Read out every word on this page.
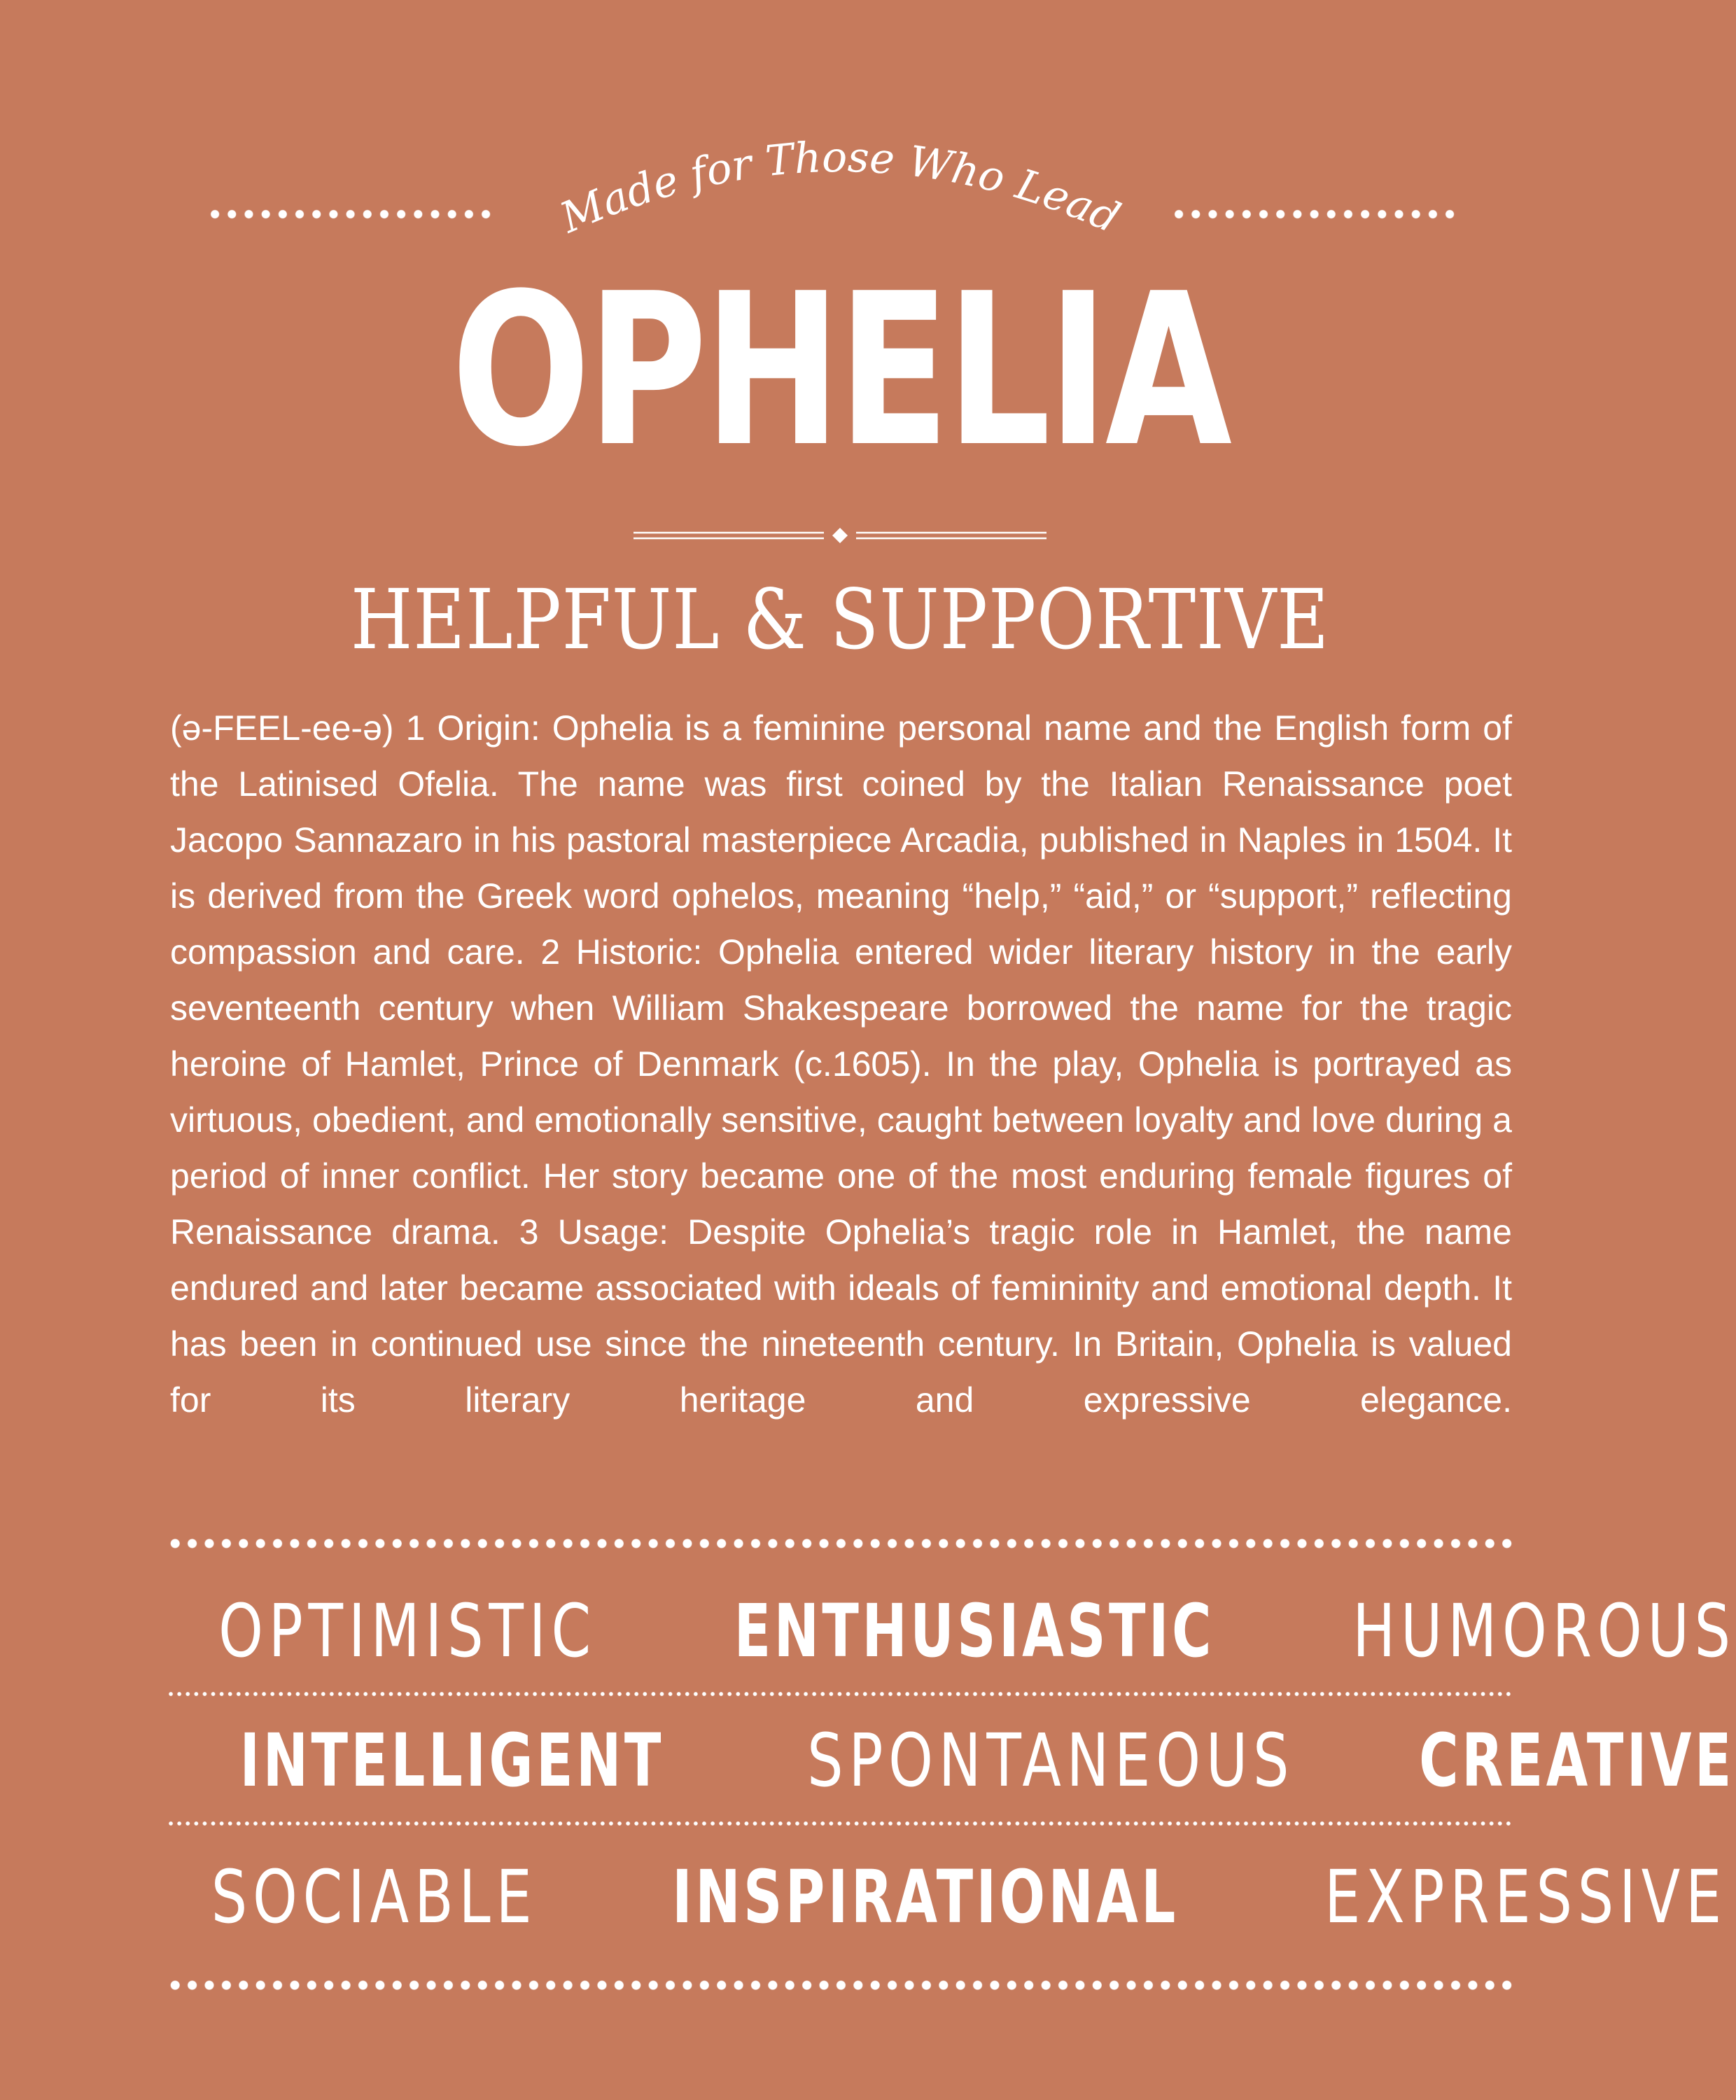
Made for Those Who Lead
OPHELIA
HELPFUL & SUPPORTIVE

(ə-FEEL-ee-ə) 1 Origin: Ophelia is a feminine personal name and the English form of the Latinised Ofelia. The name was first coined by the Italian Renaissance poet Jacopo Sannazaro in his pastoral masterpiece Arcadia, published in Naples in 1504. It is derived from the Greek word ophelos, meaning “help,” “aid,” or “support,” reflecting compassion and care. 2 Historic: Ophelia entered wider literary history in the early seventeenth century when William Shakespeare borrowed the name for the tragic heroine of Hamlet, Prince of Denmark (c.1605). In the play, Ophelia is portrayed as virtuous, obedient, and emotionally sensitive, caught between loyalty and love during a period of inner conflict. Her story became one of the most enduring female figures of Renaissance drama. 3 Usage: Despite Ophelia’s tragic role in Hamlet, the name endured and later became associated with ideals of femininity and emotional depth. It has been in continued use since the nineteenth century. In Britain, Ophelia is valued for its literary heritage and expressive elegance.

OPTIMISTIC ENTHUSIASTIC HUMOROUS
INTELLIGENT SPONTANEOUS CREATIVE
SOCIABLE INSPIRATIONAL EXPRESSIVE
